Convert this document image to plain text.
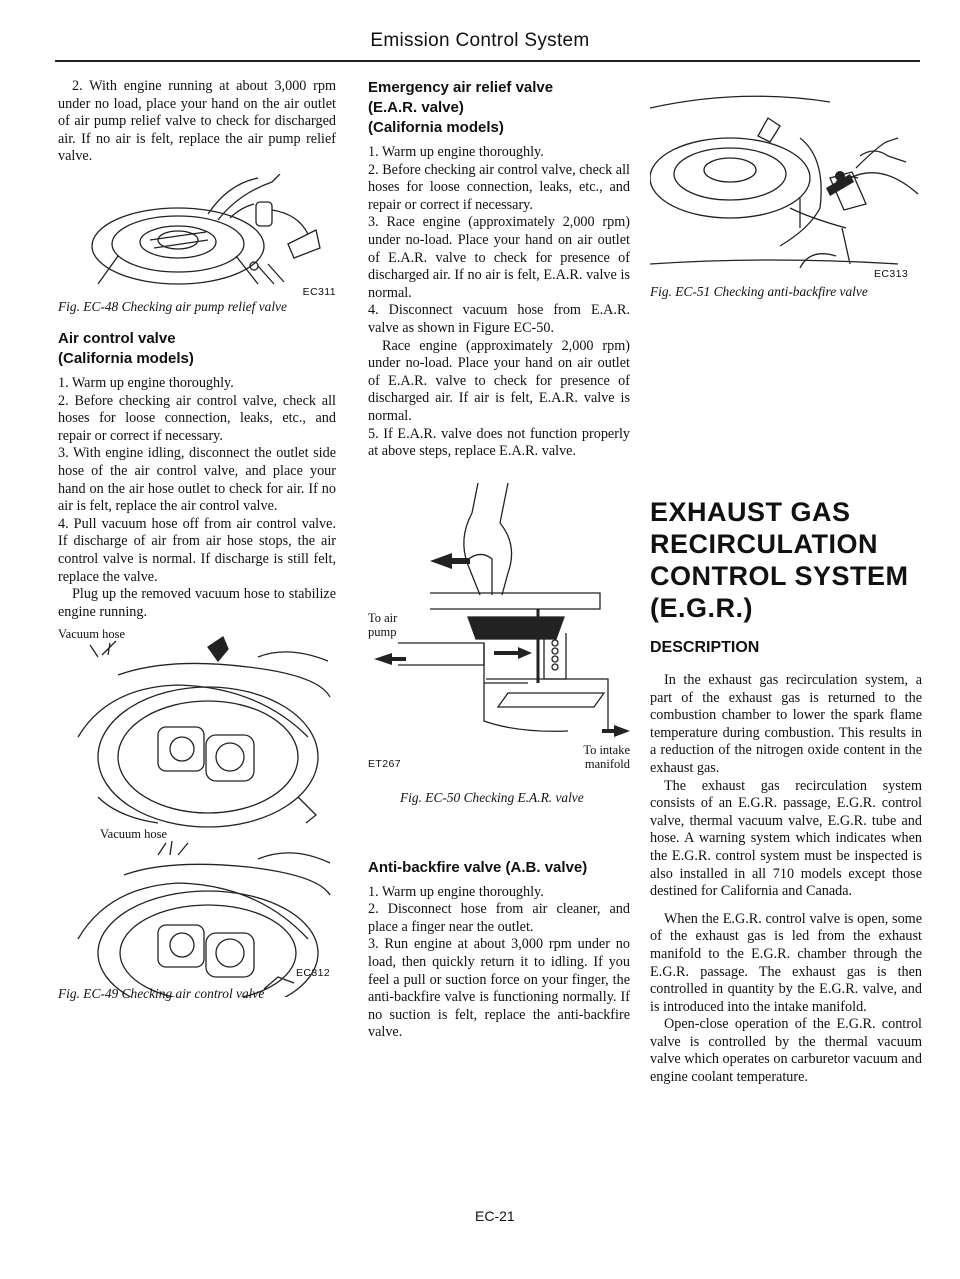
Emission Control System

2. With engine running at about 3,000 rpm under no load, place your hand on the air outlet of air pump relief valve to check for discharged air. If no air is felt, replace the air pump relief valve.

EC311
Fig. EC-48 Checking air pump relief valve
Air control valve
(California models)

1. Warm up engine thoroughly.

2. Before checking air control valve, check all hoses for loose connection, leaks, etc., and repair or correct if necessary.

3. With engine idling, disconnect the outlet side hose of the air control valve, and place your hand on the air hose outlet to check for air. If no air is felt, replace the air control valve.

4. Pull vacuum hose off from air control valve. If discharge of air from air hose stops, the air control valve is normal. If discharge is still felt, replace the valve.

Plug up the removed vacuum hose to stabilize engine running.

Vacuum hose
Vacuum hose
EC312
Fig. EC-49 Checking air control valve
Emergency air relief valve
(E.A.R. valve)
(California models)

1. Warm up engine thoroughly.

2. Before checking air control valve, check all hoses for loose connection, leaks, etc., and repair or correct if necessary.

3. Race engine (approximately 2,000 rpm) under no-load. Place your hand on air outlet of E.A.R. valve to check for presence of discharged air. If no air is felt, E.A.R. valve is normal.

4. Disconnect vacuum hose from E.A.R. valve as shown in Figure EC-50.

Race engine (approximately 2,000 rpm) under no-load. Place your hand on air outlet of E.A.R. valve to check for presence of discharged air. If air is felt, E.A.R. valve is normal.

5. If E.A.R. valve does not function properly at above steps, replace E.A.R. valve.

To air pump
To intake manifold
ET267
Fig. EC-50 Checking E.A.R. valve
Anti-backfire valve (A.B. valve)

1. Warm up engine thoroughly.

2. Disconnect hose from air cleaner, and place a finger near the outlet.

3. Run engine at about 3,000 rpm under no load, then quickly return it to idling. If you feel a pull or suction force on your finger, the anti-backfire valve is functioning normally. If no suction is felt, replace the anti-backfire valve.

EC313
Fig. EC-51 Checking anti-backfire valve
EXHAUST GAS
RECIRCULATION
CONTROL SYSTEM
(E.G.R.)
DESCRIPTION

In the exhaust gas recirculation system, a part of the exhaust gas is returned to the combustion chamber to lower the spark flame temperature during combustion. This results in a reduction of the nitrogen oxide content in the exhaust gas.

The exhaust gas recirculation system consists of an E.G.R. passage, E.G.R. control valve, thermal vacuum valve, E.G.R. tube and hose. A warning system which indicates when the E.G.R. control system must be inspected is also installed in all 710 models except those destined for California and Canada.

When the E.G.R. control valve is open, some of the exhaust gas is led from the exhaust manifold to the E.G.R. chamber through the E.G.R. passage. The exhaust gas is then controlled in quantity by the E.G.R. valve, and is introduced into the intake manifold.

Open-close operation of the E.G.R. control valve is controlled by the thermal vacuum valve which operates on carburetor vacuum and engine coolant temperature.

EC-21
